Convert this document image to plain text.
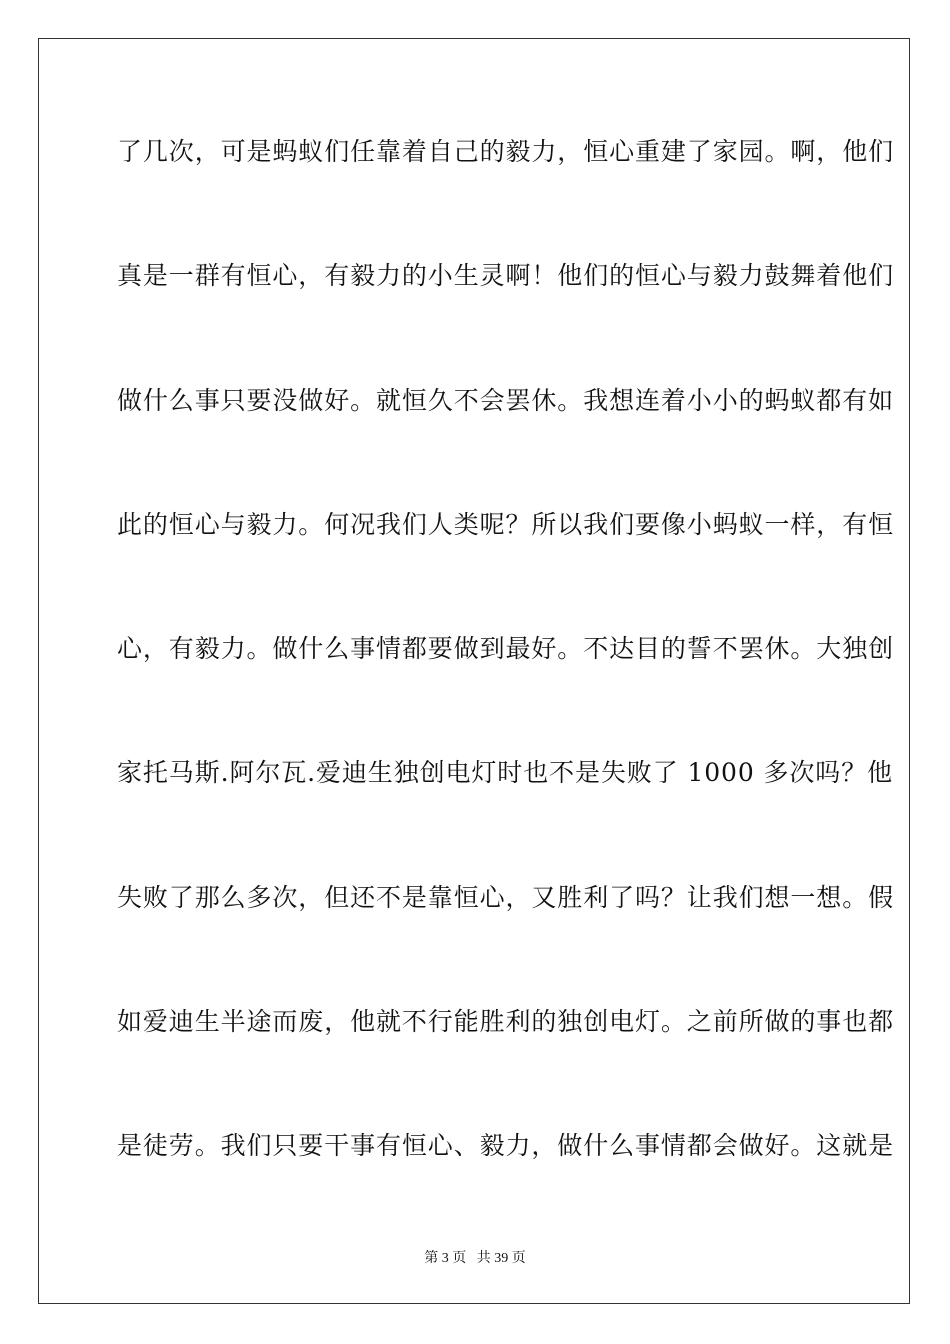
了几次，可是蚂蚁们任靠着自己的毅力，恒心重建了家园。啊，他们
真是一群有恒心，有毅力的小生灵啊！他们的恒心与毅力鼓舞着他们
做什么事只要没做好。就恒久不会罢休。我想连着小小的蚂蚁都有如
此的恒心与毅力。何况我们人类呢？所以我们要像小蚂蚁一样，有恒
心，有毅力。做什么事情都要做到最好。不达目的誓不罢休。大独创
家托马斯.阿尔瓦.爱迪生独创电灯时也不是失败了 1000 多次吗？他
失败了那么多次，但还不是靠恒心，又胜利了吗？让我们想一想。假
如爱迪生半途而废，他就不行能胜利的独创电灯。之前所做的事也都
是徒劳。我们只要干事有恒心、毅力，做什么事情都会做好。这就是
第 3 页 共 39 页
